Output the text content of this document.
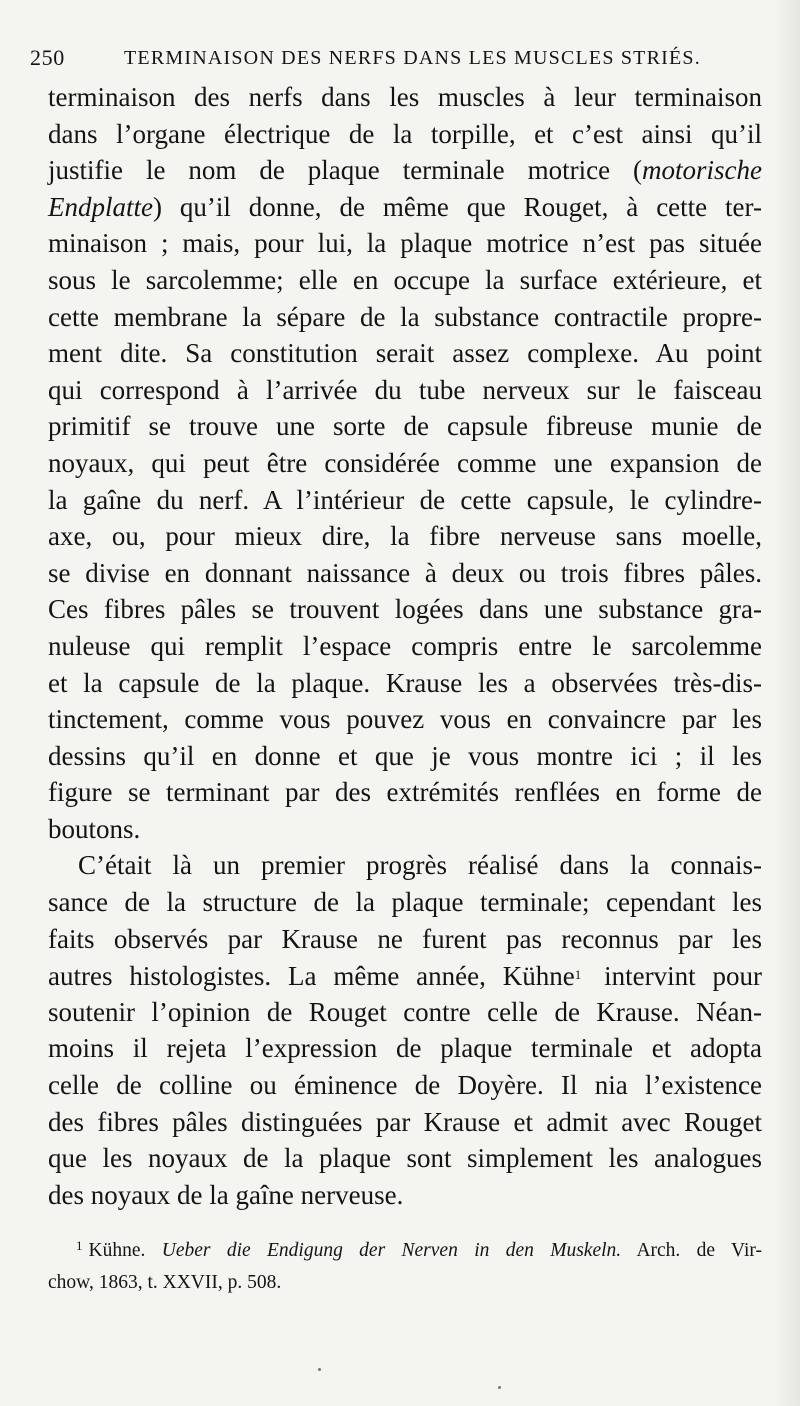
250	TERMINAISON DES NERFS DANS LES MUSCLES STRIÉS.
terminaison des nerfs dans les muscles à leur terminaison
dans l’organe électrique de la torpille, et c’est ainsi qu’il
justifie le nom de plaque terminale motrice (motorische
Endplatte) qu’il donne, de même que Rouget, à cette ter-
minaison ; mais, pour lui, la plaque motrice n’est pas située
sous le sarcolemme; elle en occupe la surface extérieure, et
cette membrane la sépare de la substance contractile propre-
ment dite. Sa constitution serait assez complexe. Au point
qui correspond à l’arrivée du tube nerveux sur le faisceau
primitif se trouve une sorte de capsule fibreuse munie de
noyaux, qui peut être considérée comme une expansion de
la gaîne du nerf. A l’intérieur de cette capsule, le cylindre-
axe, ou, pour mieux dire, la fibre nerveuse sans moelle,
se divise en donnant naissance à deux ou trois fibres pâles.
Ces fibres pâles se trouvent logées dans une substance gra-
nuleuse qui remplit l’espace compris entre le sarcolemme
et la capsule de la plaque. Krause les a observées très-dis-
tinctement, comme vous pouvez vous en convaincre par les
dessins qu’il en donne et que je vous montre ici ; il les
figure se terminant par des extrémités renflées en forme de
boutons.
C’était là un premier progrès réalisé dans la connais-
sance de la structure de la plaque terminale; cependant les
faits observés par Krause ne furent pas reconnus par les
autres histologistes. La même année, Kühne$^1$ intervint pour
soutenir l’opinion de Rouget contre celle de Krause. Néan-
moins il rejeta l’expression de plaque terminale et adopta
celle de colline ou éminence de Doyère. Il nia l’existence
des fibres pâles distinguées par Krause et admit avec Rouget
que les noyaux de la plaque sont simplement les analogues
des noyaux de la gaîne nerveuse.
$^1$ Kühne. Ueber die Endigung der Nerven in den Muskeln. Arch. de Vir-
chow, 1863, t. XXVII, p. 508.
